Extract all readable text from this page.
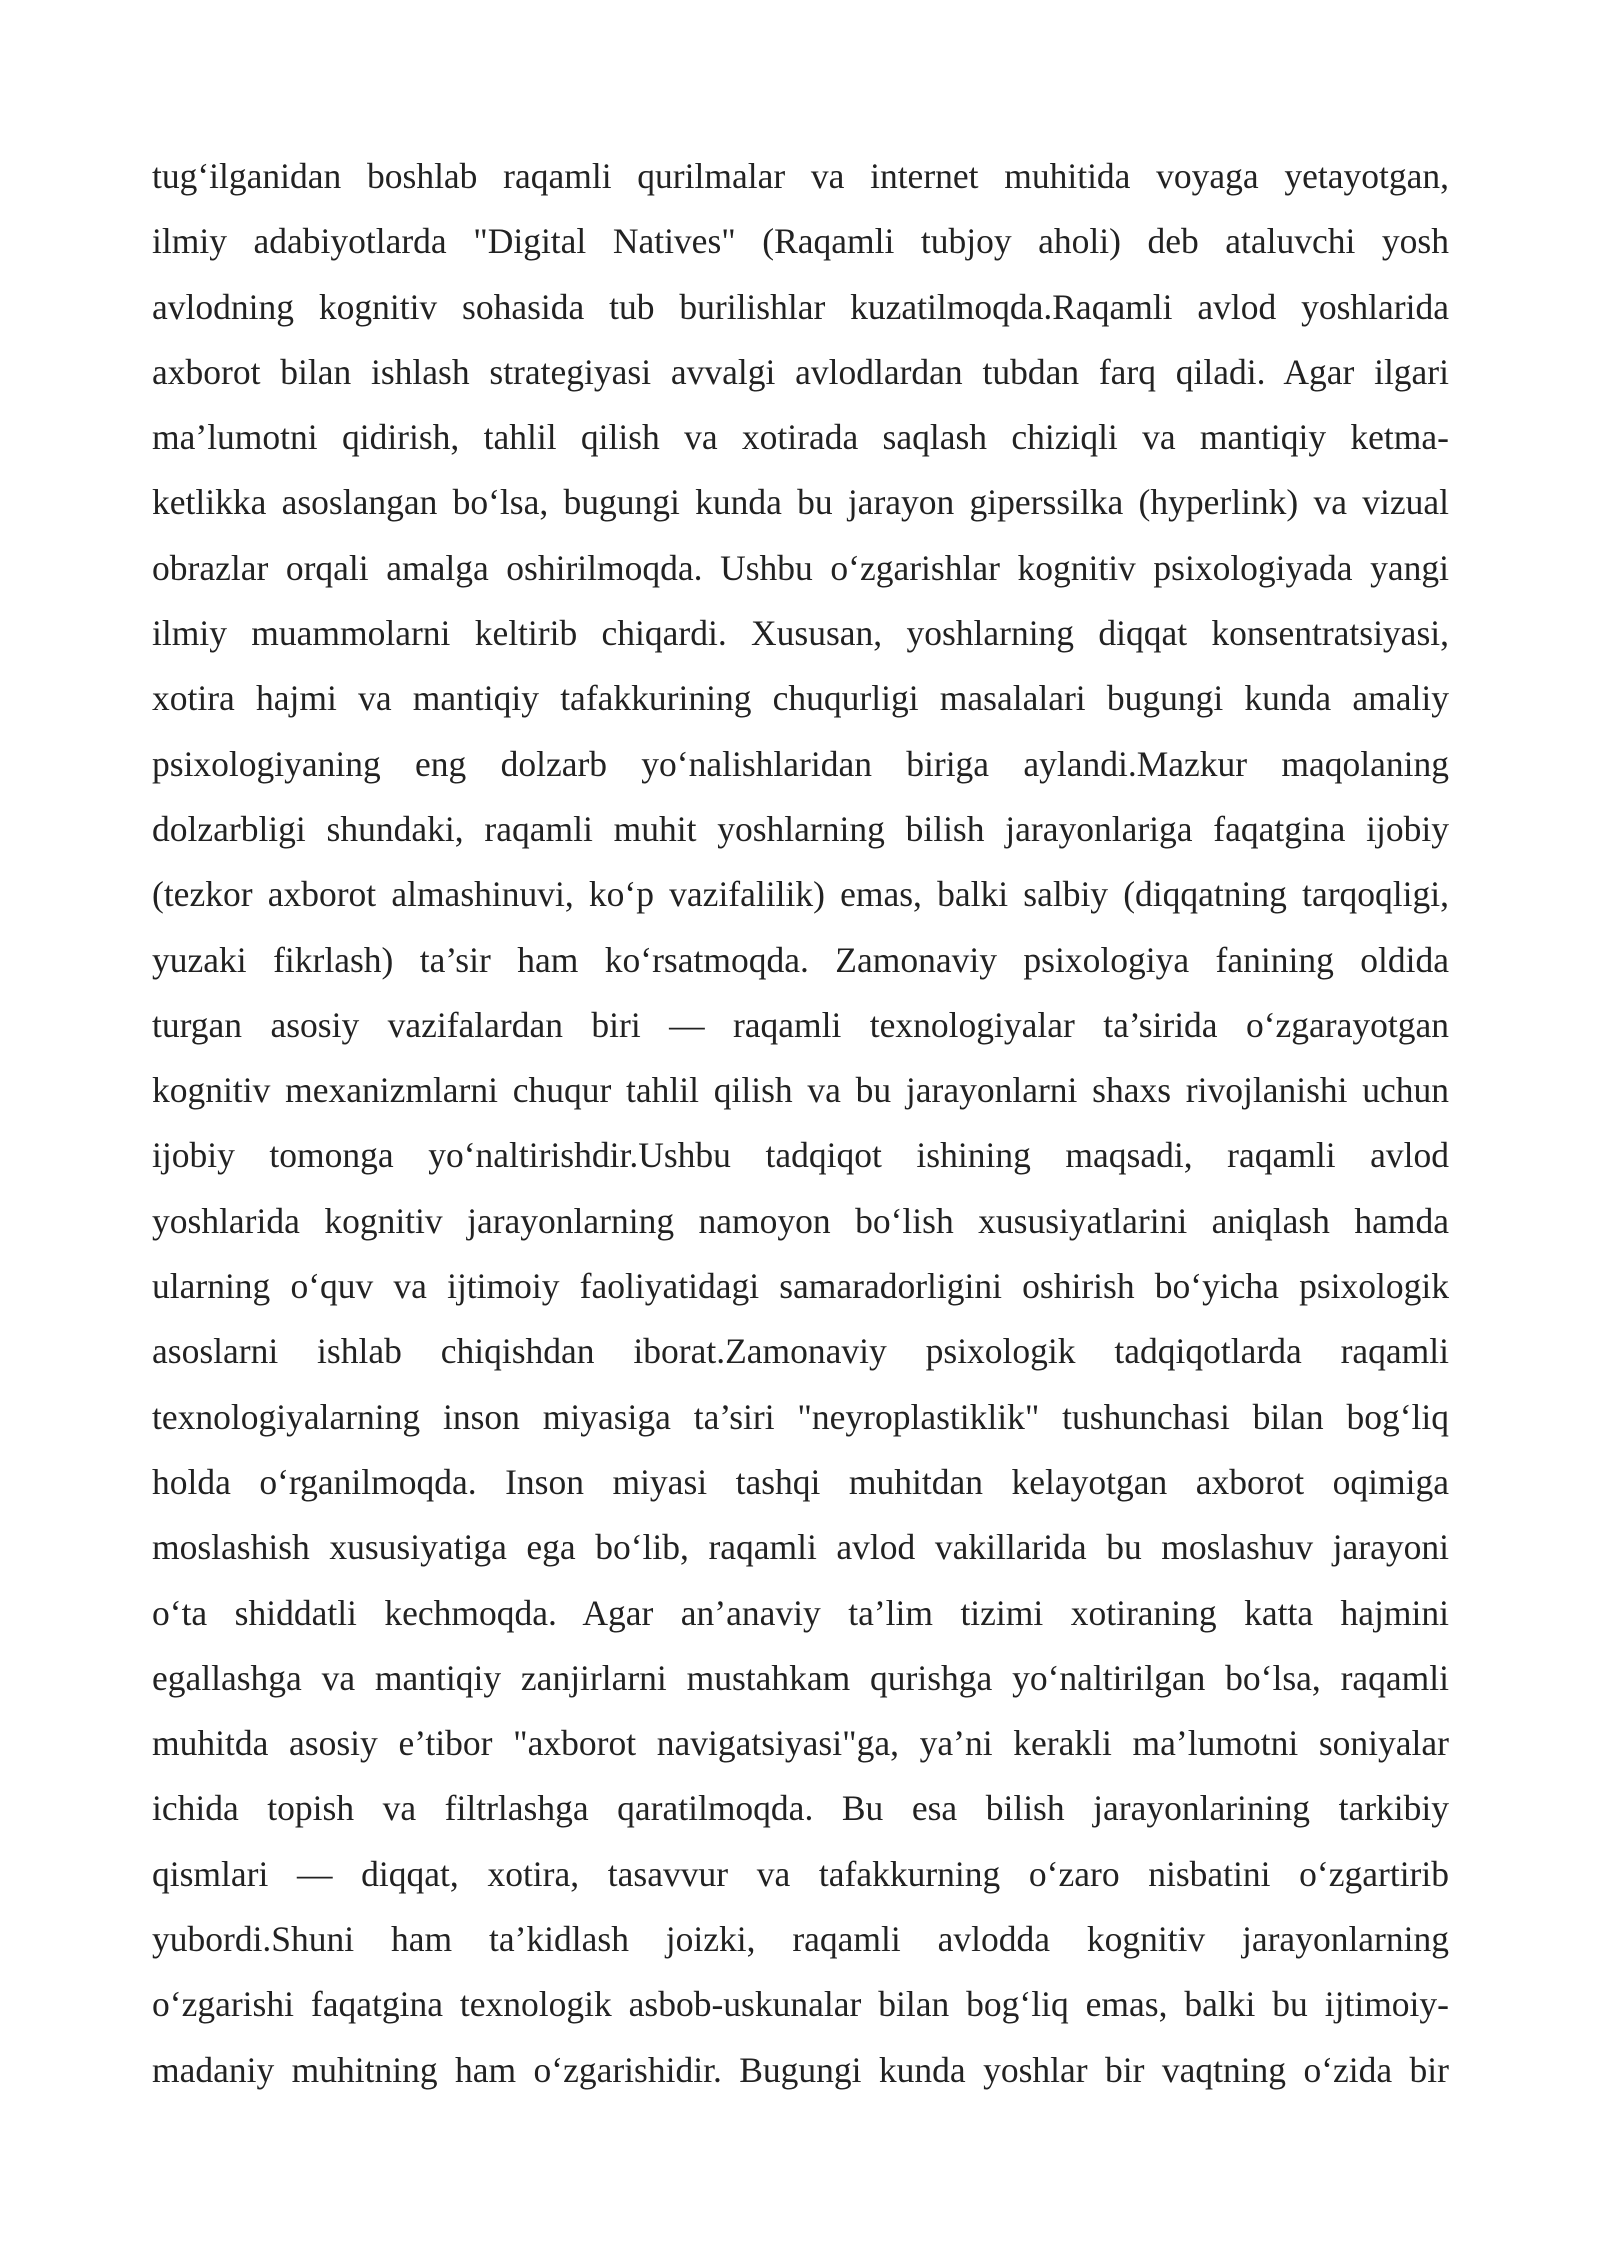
tug‘ilganidan boshlab raqamli qurilmalar va internet muhitida voyaga yetayotgan,
ilmiy adabiyotlarda "Digital Natives" (Raqamli tubjoy aholi) deb ataluvchi yosh
avlodning kognitiv sohasida tub burilishlar kuzatilmoqda.Raqamli avlod yoshlarida
axborot bilan ishlash strategiyasi avvalgi avlodlardan tubdan farq qiladi. Agar ilgari
ma’lumotni qidirish, tahlil qilish va xotirada saqlash chiziqli va mantiqiy ketma-
ketlikka asoslangan bo‘lsa, bugungi kunda bu jarayon giperssilka (hyperlink) va vizual
obrazlar orqali amalga oshirilmoqda. Ushbu o‘zgarishlar kognitiv psixologiyada yangi
ilmiy muammolarni keltirib chiqardi. Xususan, yoshlarning diqqat konsentratsiyasi,
xotira hajmi va mantiqiy tafakkurining chuqurligi masalalari bugungi kunda amaliy
psixologiyaning eng dolzarb yo‘nalishlaridan biriga aylandi.Mazkur maqolaning
dolzarbligi shundaki, raqamli muhit yoshlarning bilish jarayonlariga faqatgina ijobiy
(tezkor axborot almashinuvi, ko‘p vazifalilik) emas, balki salbiy (diqqatning tarqoqligi,
yuzaki fikrlash) ta’sir ham ko‘rsatmoqda. Zamonaviy psixologiya fanining oldida
turgan asosiy vazifalardan biri — raqamli texnologiyalar ta’sirida o‘zgarayotgan
kognitiv mexanizmlarni chuqur tahlil qilish va bu jarayonlarni shaxs rivojlanishi uchun
ijobiy tomonga yo‘naltirishdir.Ushbu tadqiqot ishining maqsadi, raqamli avlod
yoshlarida kognitiv jarayonlarning namoyon bo‘lish xususiyatlarini aniqlash hamda
ularning o‘quv va ijtimoiy faoliyatidagi samaradorligini oshirish bo‘yicha psixologik
asoslarni ishlab chiqishdan iborat.Zamonaviy psixologik tadqiqotlarda raqamli
texnologiyalarning inson miyasiga ta’siri "neyroplastiklik" tushunchasi bilan bog‘liq
holda o‘rganilmoqda. Inson miyasi tashqi muhitdan kelayotgan axborot oqimiga
moslashish xususiyatiga ega bo‘lib, raqamli avlod vakillarida bu moslashuv jarayoni
o‘ta shiddatli kechmoqda. Agar an’anaviy ta’lim tizimi xotiraning katta hajmini
egallashga va mantiqiy zanjirlarni mustahkam qurishga yo‘naltirilgan bo‘lsa, raqamli
muhitda asosiy e’tibor "axborot navigatsiyasi"ga, ya’ni kerakli ma’lumotni soniyalar
ichida topish va filtrlashga qaratilmoqda. Bu esa bilish jarayonlarining tarkibiy
qismlari — diqqat, xotira, tasavvur va tafakkurning o‘zaro nisbatini o‘zgartirib
yubordi.Shuni ham ta’kidlash joizki, raqamli avlodda kognitiv jarayonlarning
o‘zgarishi faqatgina texnologik asbob-uskunalar bilan bog‘liq emas, balki bu ijtimoiy-
madaniy muhitning ham o‘zgarishidir. Bugungi kunda yoshlar bir vaqtning o‘zida bir
